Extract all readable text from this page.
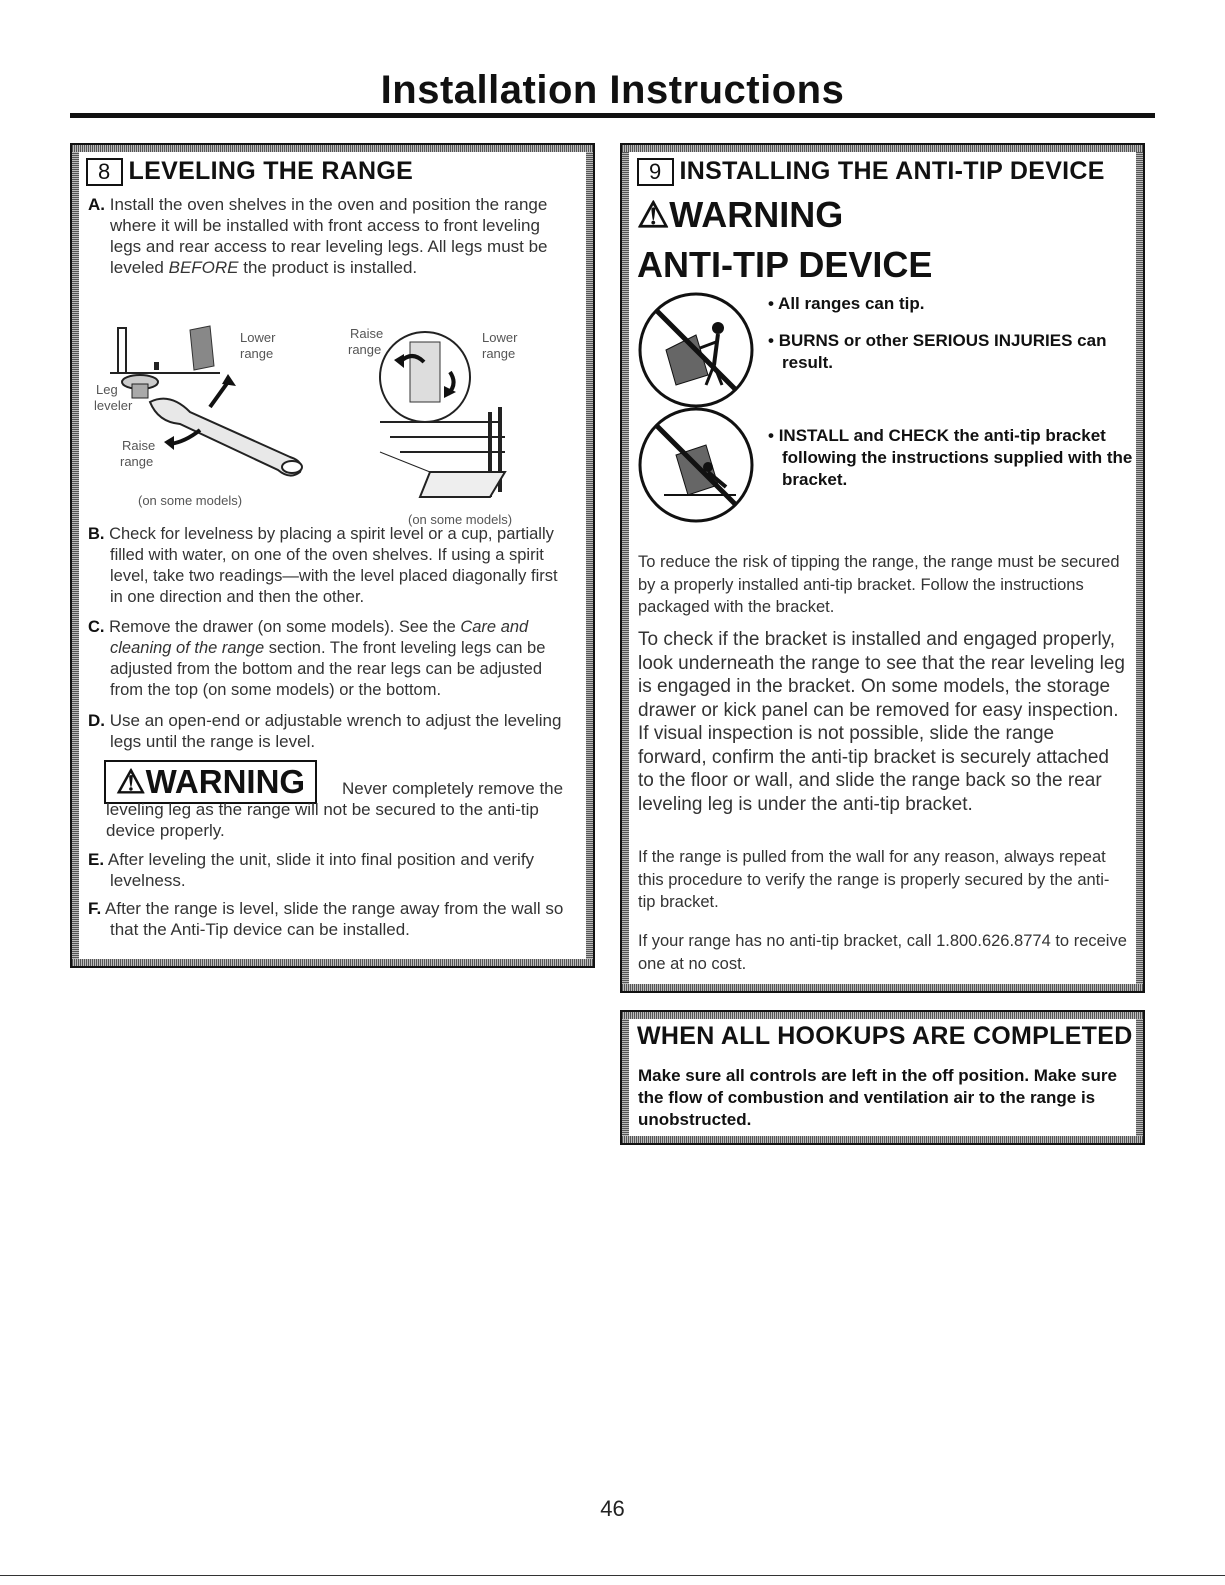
Installation Instructions
8 LEVELING THE RANGE
A. Install the oven shelves in the oven and position the range where it will be installed with front access to front leveling legs and rear access to rear leveling legs. All legs must be leveled BEFORE the product is installed.
Lower
range
Leg
leveler
Raise
range
(on some models)
Raise
range
Lower
range
(on some models)
B. Check for levelness by placing a spirit level or a cup, partially filled with water, on one of the oven shelves. If using a spirit level, take two readings—with the level placed diagonally first in one direction and then the other.
C. Remove the drawer (on some models). See the Care and cleaning of the range section. The front leveling legs can be adjusted from the bottom and the rear legs can be adjusted from the top (on some models) or the bottom.
D. Use an open-end or adjustable wrench to adjust the leveling legs until the range is level.
⚠WARNING	Never completely remove the leveling leg as the range will not be secured to the anti-tip device properly.
E. After leveling the unit, slide it into final position and verify levelness.
F. After the range is level, slide the range away from the wall so that the Anti-Tip device can be installed.
9 INSTALLING THE ANTI-TIP DEVICE
⚠WARNING
ANTI-TIP DEVICE
• All ranges can tip.
• BURNS or other SERIOUS INJURIES can result.
• INSTALL and CHECK the anti-tip bracket following the instructions supplied with the bracket.
To reduce the risk of tipping the range, the range must be secured by a properly installed anti-tip bracket. Follow the instructions packaged with the bracket.
To check if the bracket is installed and engaged properly, look underneath the range to see that the rear leveling leg is engaged in the bracket. On some models, the storage drawer or kick panel can be removed for easy inspection. If visual inspection is not possible, slide the range forward, confirm the anti-tip bracket is securely attached to the floor or wall, and slide the range back so the rear leveling leg is under the anti-tip bracket.
If the range is pulled from the wall for any reason, always repeat this procedure to verify the range is properly secured by the anti-tip bracket.
If your range has no anti-tip bracket, call 1.800.626.8774 to receive one at no cost.
WHEN ALL HOOKUPS ARE COMPLETED
Make sure all controls are left in the off position. Make sure the flow of combustion and ventilation air to the range is unobstructed.
46
